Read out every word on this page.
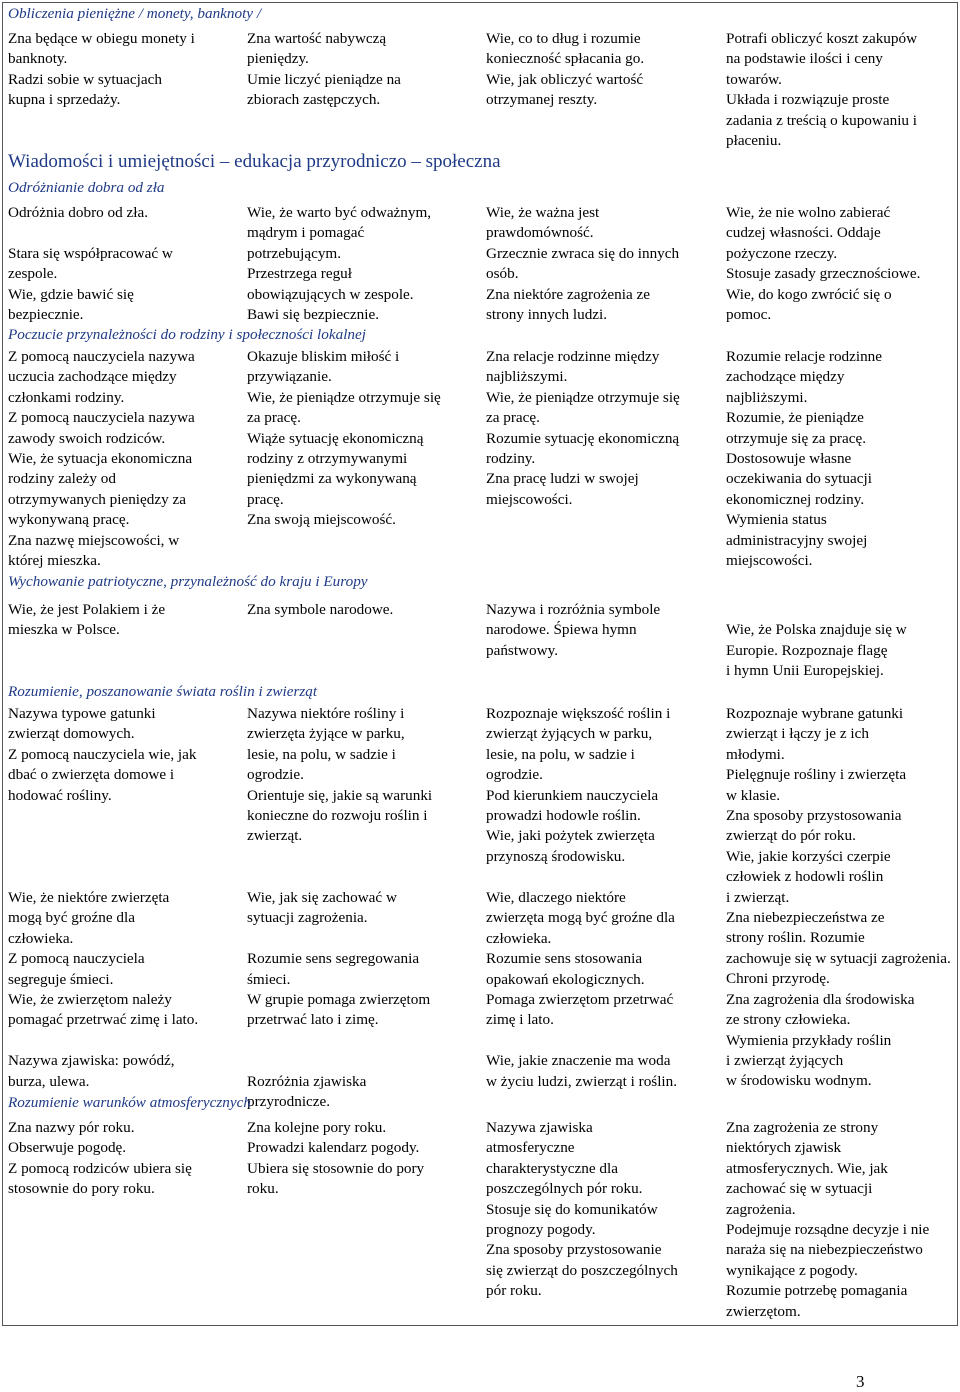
Obliczenia pieniężne / monety, banknoty /
Zna będące w obiegu monety i
banknoty.
Radzi sobie w sytuacjach
kupna i sprzedaży.
Zna wartość nabywczą
pieniędzy.
Umie liczyć pieniądze na
zbiorach zastępczych.
Wie, co to dług i rozumie
konieczność spłacania go.
Wie, jak obliczyć wartość
otrzymanej reszty.
Potrafi obliczyć koszt zakupów
na podstawie ilości i ceny
towarów.
Układa i rozwiązuje proste
zadania z treścią o kupowaniu i
płaceniu.
Wiadomości i umiejętności – edukacja przyrodniczo – społeczna
Odróżnianie dobra od zła
Odróżnia dobro od zła.

Stara się współpracować w
zespole.
Wie, gdzie bawić się
bezpiecznie.
Wie, że warto być odważnym,
mądrym i pomagać
potrzebującym.
Przestrzega reguł
obowiązujących w zespole.
Bawi się bezpiecznie.
Wie, że ważna jest
prawdomówność.
Grzecznie zwraca się do innych
osób.
Zna niektóre zagrożenia ze
strony innych ludzi.
Wie, że nie wolno zabierać
cudzej własności. Oddaje
pożyczone rzeczy.
Stosuje zasady grzecznościowe.
Wie, do kogo zwrócić się o
pomoc.
Poczucie przynależności do rodziny i społeczności lokalnej
Z pomocą nauczyciela nazywa
uczucia zachodzące między
członkami rodziny.
Z pomocą nauczyciela nazywa
zawody swoich rodziców.
Wie, że sytuacja ekonomiczna
rodziny zależy od
otrzymywanych pieniędzy za
wykonywaną pracę.
Zna nazwę miejscowości, w
której mieszka.
Okazuje bliskim miłość i
przywiązanie.
Wie, że pieniądze otrzymuje się
za pracę.
Wiąże sytuację ekonomiczną
rodziny z otrzymywanymi
pieniędzmi za wykonywaną
pracę.
Zna swoją miejscowość.
Zna relacje rodzinne między
najbliższymi.
Wie, że pieniądze otrzymuje się
za pracę.
Rozumie sytuację ekonomiczną
rodziny.
Zna pracę ludzi w swojej
miejscowości.
Rozumie relacje rodzinne
zachodzące między
najbliższymi.
Rozumie, że pieniądze
otrzymuje się za pracę.
Dostosowuje własne
oczekiwania do sytuacji
ekonomicznej rodziny.
Wymienia status
administracyjny swojej
miejscowości.
Wychowanie patriotyczne, przynależność do kraju i Europy
Wie, że jest Polakiem i że
mieszka w Polsce.
Zna symbole narodowe.	Nazywa i rozróżnia symbole
narodowe. Śpiewa hymn
państwowy.

Wie, że Polska znajduje się w
Europie. Rozpoznaje flagę
i hymn Unii Europejskiej.
Rozumienie, poszanowanie świata roślin i zwierząt
Nazywa typowe gatunki
zwierząt domowych.
Z pomocą nauczyciela wie, jak
dbać o zwierzęta domowe i
hodować rośliny.
Nazywa niektóre rośliny i
zwierzęta żyjące w parku,
lesie, na polu, w sadzie i
ogrodzie.
Orientuje się, jakie są warunki
konieczne do rozwoju roślin i
zwierząt.
Rozpoznaje większość roślin i
zwierząt żyjących w parku,
lesie, na polu, w sadzie i
ogrodzie.
Pod kierunkiem nauczyciela
prowadzi hodowle roślin.
Wie, jaki pożytek zwierzęta
przynoszą środowisku.
Rozpoznaje wybrane gatunki
zwierząt i łączy je z ich
młodymi.
Pielęgnuje rośliny i zwierzęta
w klasie.
Zna sposoby przystosowania
zwierząt do pór roku.
Wie, jakie korzyści czerpie
człowiek z hodowli roślin
i zwierząt.
Zna niebezpieczeństwa ze
strony roślin. Rozumie
zachowuje się w sytuacji zagrożenia.
Chroni przyrodę.
Zna zagrożenia dla środowiska
ze strony człowieka.
Wymienia przykłady roślin
i zwierząt żyjących
w środowisku wodnym.
Wie, że niektóre zwierzęta
mogą być groźne dla
człowieka.
Z pomocą nauczyciela
segreguje śmieci.
Wie, że zwierzętom należy
pomagać przetrwać zimę i lato.

Nazywa zjawiska: powódź,
burza, ulewa.
Wie, jak się zachować w
sytuacji zagrożenia.

Rozumie sens segregowania
śmieci.
W grupie pomaga zwierzętom
przetrwać lato i zimę.

Rozróżnia zjawiska
przyrodnicze.
Wie, dlaczego niektóre
zwierzęta mogą być groźne dla
człowieka.
Rozumie sens stosowania
opakowań ekologicznych.
Pomaga zwierzętom przetrwać
zimę i lato.

Wie, jakie znaczenie ma woda
w życiu ludzi, zwierząt i roślin.
Rozumienie warunków atmosferycznych
Zna nazwy pór roku.
Obserwuje pogodę.
Z pomocą rodziców ubiera się
stosownie do pory roku.
Zna kolejne pory roku.
Prowadzi kalendarz pogody.
Ubiera się stosownie do pory
roku.
Nazywa zjawiska
atmosferyczne
charakterystyczne dla
poszczególnych pór roku.
Stosuje się do komunikatów
prognozy pogody.
Zna sposoby przystosowanie
się zwierząt do poszczególnych
pór roku.
Zna zagrożenia ze strony
niektórych zjawisk
atmosferycznych. Wie, jak
zachować się w sytuacji
zagrożenia.
Podejmuje rozsądne decyzje i nie
naraża się na niebezpieczeństwo
wynikające z pogody.
Rozumie potrzebę pomagania
zwierzętom.
3
